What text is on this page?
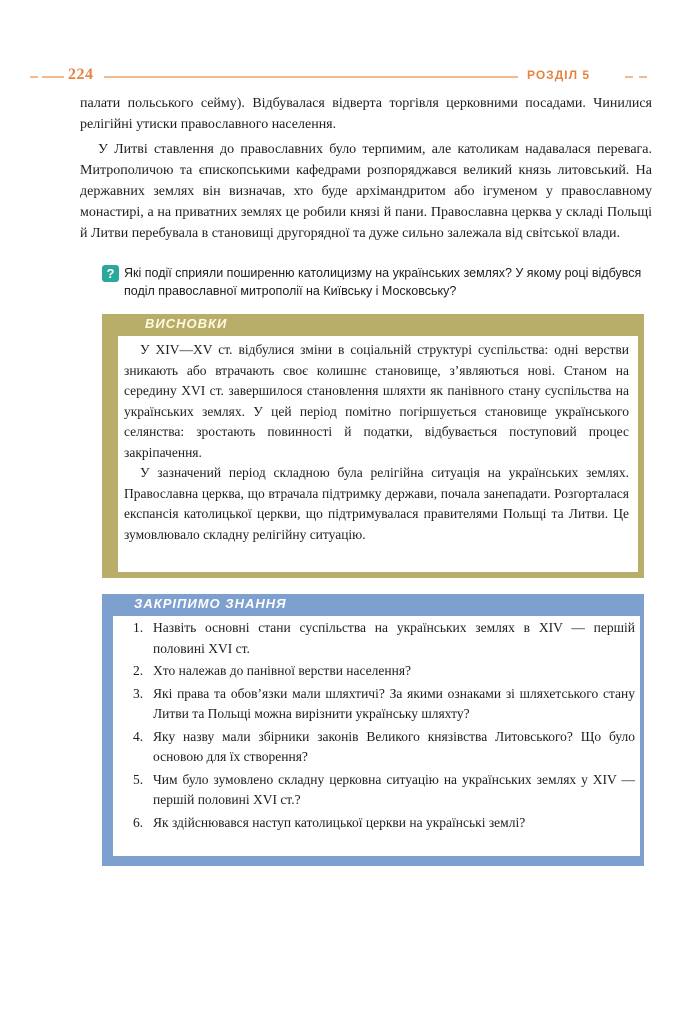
224	РОЗДІЛ 5
палати польського сейму). Відбувалася відверта торгівля церковними посадами. Чинилися релігійні утиски православного населення.
У Литві ставлення до православних було терпимим, але католикам надавалася перевага. Митрополичою та єпископськими кафедрами розпоряджався великий князь литовський. На державних землях він визначав, хто буде архімандритом або ігуменом у православному монастирі, а на приватних землях це робили князі й пани. Православна церква у складі Польщі й Литви перебувала в становищі другорядної та дуже сильно залежала від світської влади.
? Які події сприяли поширенню католицизму на українських землях? У якому році відбувся поділ православної митрополії на Київську і Московську?
ВИСНОВКИ

У XIV—XV ст. відбулися зміни в соціальній структурі суспільства: одні верстви зникають або втрачають своє колишнє становище, з’являються нові. Станом на середину XVI ст. завершилося становлення шляхти як панівного стану суспільства на українських землях. У цей період помітно погіршується становище українського селянства: зростають повинності й податки, відбувається поступовий процес закріпачення.

У зазначений період складною була релігійна ситуація на українських землях. Православна церква, що втрачала підтримку держави, почала занепадати. Розгорталася експансія католицької церкви, що підтримувалася правителями Польщі та Литви. Це зумовлювало складну релігійну ситуацію.

ЗАКРІПИМО ЗНАННЯ
1. Назвіть основні стани суспільства на українських землях в XIV — першій половині XVI ст.
2. Хто належав до панівної верстви населення?
3. Які права та обов’язки мали шляхтичі? За якими ознаками зі шляхетського стану Литви та Польщі можна вирізнити українську шляхту?
4. Яку назву мали збірники законів Великого князівства Литовського? Що було основою для їх створення?
5. Чим було зумовлено складну церковна ситуацію на українських землях у XIV — першій половині XVI ст.?
6. Як здійснювався наступ католицької церкви на українські землі?
